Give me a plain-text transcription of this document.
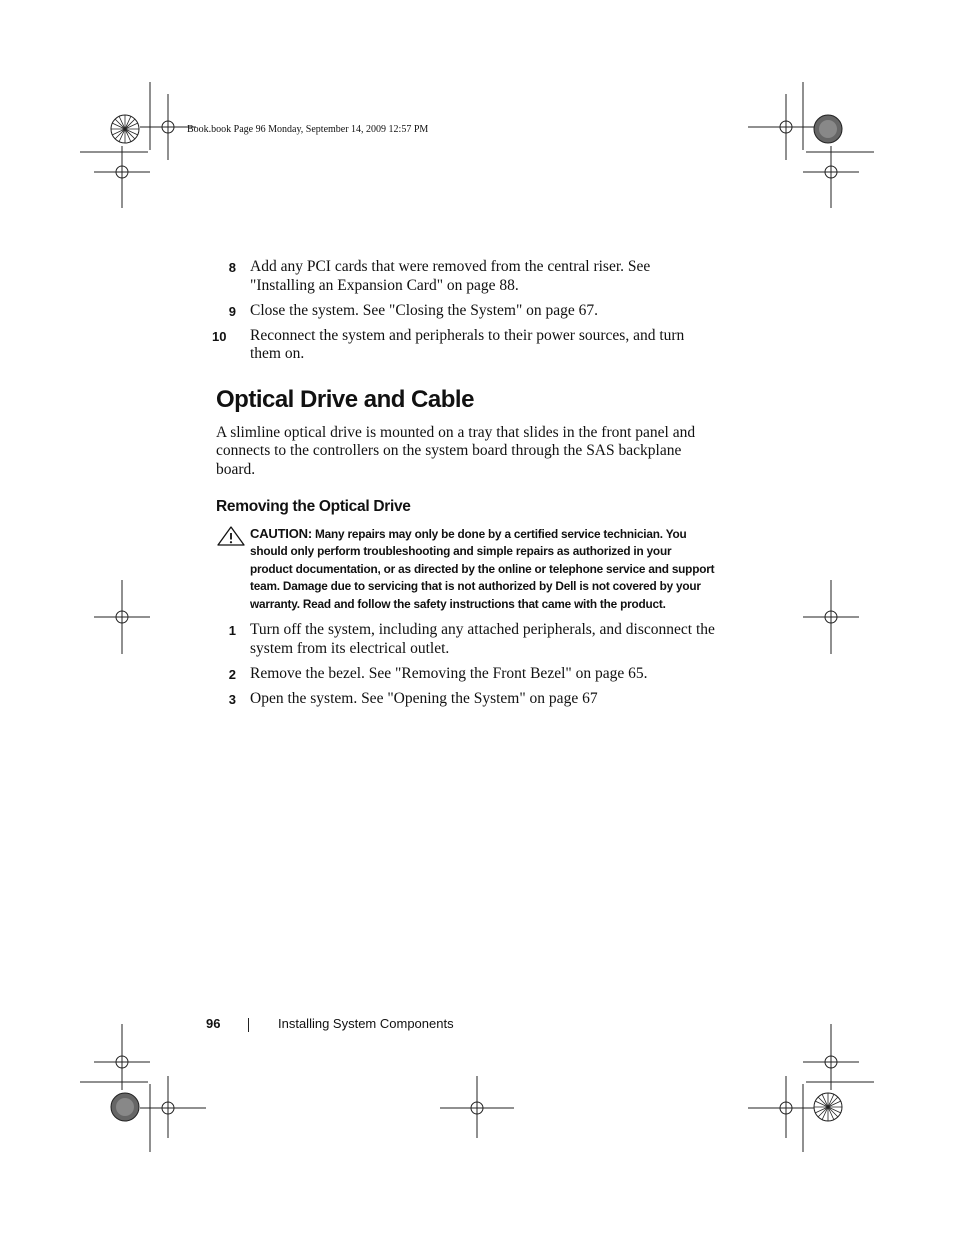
Book.book Page 96 Monday, September 14, 2009 12:57 PM
8 Add any PCI cards that were removed from the central riser. See "Installing an Expansion Card" on page 88.
9 Close the system. See "Closing the System" on page 67.
10	Reconnect the system and peripherals to their power sources, and turn them on.
Optical Drive and Cable

A slimline optical drive is mounted on a tray that slides in the front panel and connects to the controllers on the system board through the SAS backplane board.

Removing the Optical Drive
CAUTION: Many repairs may only be done by a certified service technician. You should only perform troubleshooting and simple repairs as authorized in your product documentation, or as directed by the online or telephone service and support team. Damage due to servicing that is not authorized by Dell is not covered by your warranty. Read and follow the safety instructions that came with the product.
1 Turn off the system, including any attached peripherals, and disconnect the system from its electrical outlet.
2 Remove the bezel. See "Removing the Front Bezel" on page 65.
3 Open the system. See "Opening the System" on page 67
96	Installing System Components
